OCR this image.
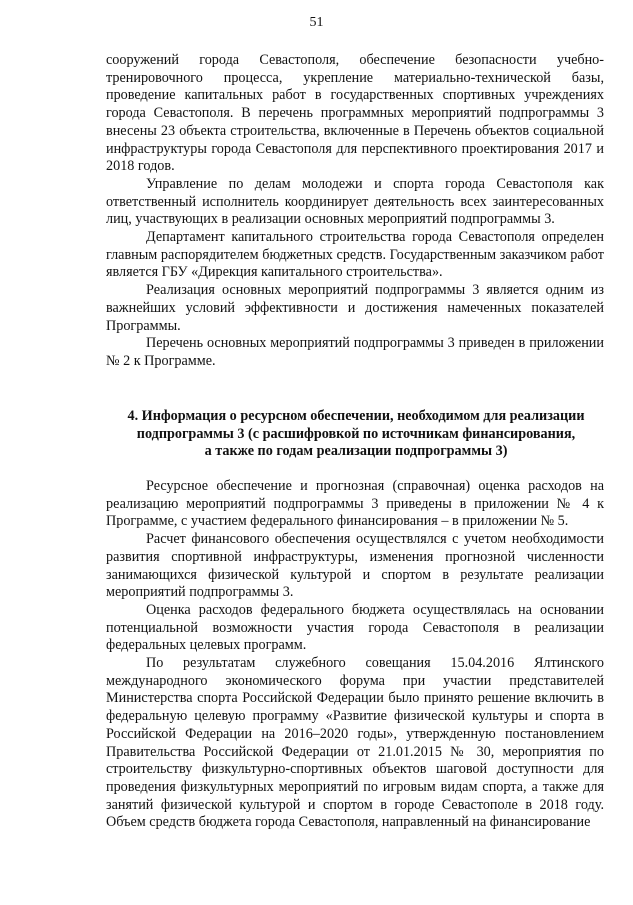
51

сооружений города Севастополя, обеспечение безопасности учебно-тренировочного процесса, укрепление материально-технической базы, проведение капитальных работ в государственных спортивных учреждениях города Севастополя. В перечень программных мероприятий подпрограммы 3 внесены 23 объекта строительства, включенные в Перечень объектов социальной инфраструктуры города Севастополя для перспективного проектирования 2017 и 2018 годов.

Управление по делам молодежи и спорта города Севастополя как ответственный исполнитель координирует деятельность всех заинтересованных лиц, участвующих в реализации основных мероприятий подпрограммы 3.

Департамент капитального строительства города Севастополя определен главным распорядителем бюджетных средств. Государственным заказчиком работ является ГБУ «Дирекция капитального строительства».

Реализация основных мероприятий подпрограммы 3 является одним из важнейших условий эффективности и достижения намеченных показателей Программы.

Перечень основных мероприятий подпрограммы 3 приведен в приложении № 2 к Программе.

4. Информация о ресурсном обеспечении, необходимом для реализации
подпрограммы 3 (с расшифровкой по источникам финансирования,
а также по годам реализации подпрограммы 3)

Ресурсное обеспечение и прогнозная (справочная) оценка расходов на реализацию мероприятий подпрограммы 3 приведены в приложении № 4 к Программе, с участием федерального финансирования – в приложении № 5.

Расчет финансового обеспечения осуществлялся с учетом необходимости развития спортивной инфраструктуры, изменения прогнозной численности занимающихся физической культурой и спортом в результате реализации мероприятий подпрограммы 3.

Оценка расходов федерального бюджета осуществлялась на основании потенциальной возможности участия города Севастополя в реализации федеральных целевых программ.

По результатам служебного совещания 15.04.2016 Ялтинского международного экономического форума при участии представителей Министерства спорта Российской Федерации было принято решение включить в федеральную целевую программу «Развитие физической культуры и спорта в Российской Федерации на 2016–2020 годы», утвержденную постановлением Правительства Российской Федерации от 21.01.2015 № 30, мероприятия по строительству физкультурно-спортивных объектов шаговой доступности для проведения физкультурных мероприятий по игровым видам спорта, а также для занятий физической культурой и спортом в городе Севастополе в 2018 году. Объем средств бюджета города Севастополя, направленный на финансирование
